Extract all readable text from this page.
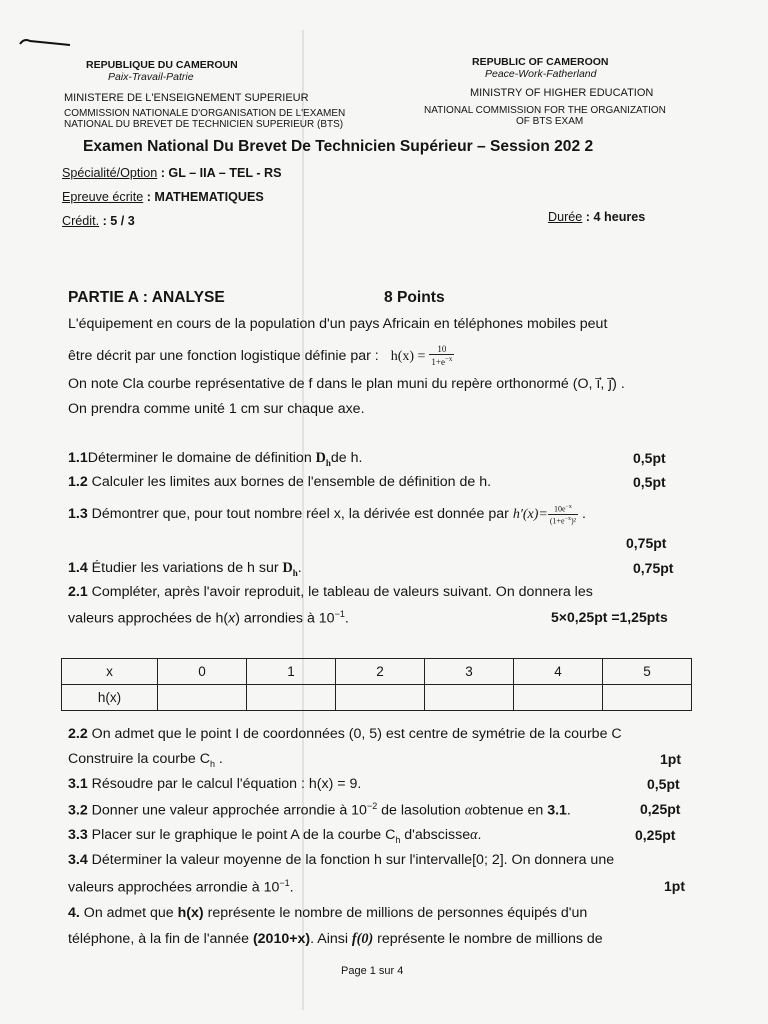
REPUBLIQUE DU CAMEROUN
Paix-Travail-Patrie
MINISTERE DE L'ENSEIGNEMENT SUPERIEUR
COMMISSION NATIONALE D'ORGANISATION DE L'EXAMEN
NATIONAL DU BREVET DE TECHNICIEN SUPERIEUR (BTS)
REPUBLIC OF CAMEROON
Peace-Work-Fatherland
MINISTRY OF HIGHER EDUCATION
NATIONAL COMMISSION FOR THE ORGANIZATION
OF BTS EXAM
Examen National Du Brevet De Technicien Supérieur – Session 202 2
Spécialité/Option : GL – IIA – TEL - RS
Epreuve écrite : MATHEMATIQUES
Crédit. : 5 / 3	Durée : 4 heures
PARTIE A : ANALYSE	8 Points
L'équipement en cours de la population d'un pays Africain en téléphones mobiles peut
être décrit par une fonction logistique définie par : $h(x) = \frac{10}{1+e^{-x}}$
On note Cla courbe représentative de f dans le plan muni du repère orthonormé (O, ı⃗, ȷ⃗) .
On prendra comme unité 1 cm sur chaque axe.
1.1Déterminer le domaine de définition $D_hde$ h.	0,5pt
1.2 Calculer les limites aux bornes de l'ensemble de définition de h.	0,5pt
1.3 Démontrer que, pour tout nombre réel x, la dérivée est donnée par $h'(x)= \frac{10e^{-x}}{(1+e^{-x})^2}$ .
0,75pt
1.4 Étudier les variations de h sur $D_h$.	0,75pt
2.1 Compléter, après l'avoir reproduit, le tableau de valeurs suivant. On donnera les
valeurs approchées de h(x) arrondies à $10^{-1}$.	5×0,25pt =1,25pts
x	0	1	2	3	4	5
h(x)						
2.2 On admet que le point I de coordonnées (0, 5) est centre de symétrie de la courbe C
Construire la courbe $C_h$ .	1pt
3.1 Résoudre par le calcul l'équation : h(x) = 9.	0,5pt
3.2 Donner une valeur approchée arrondie à $10^{-2}$ de lasolution αobtenue en 3.1.	0,25pt
3.3 Placer sur le graphique le point A de la courbe $C_h$ d'abscisseα.	0,25pt
3.4 Déterminer la valeur moyenne de la fonction h sur l'intervalle[0; 2]. On donnera une
valeurs approchées arrondie à $10^{-1}$.	1pt
4. On admet que h(x) représente le nombre de millions de personnes équipés d'un
téléphone, à la fin de l'année (2010+x). Ainsi f(0) représente le nombre de millions de
Page 1 sur 4
